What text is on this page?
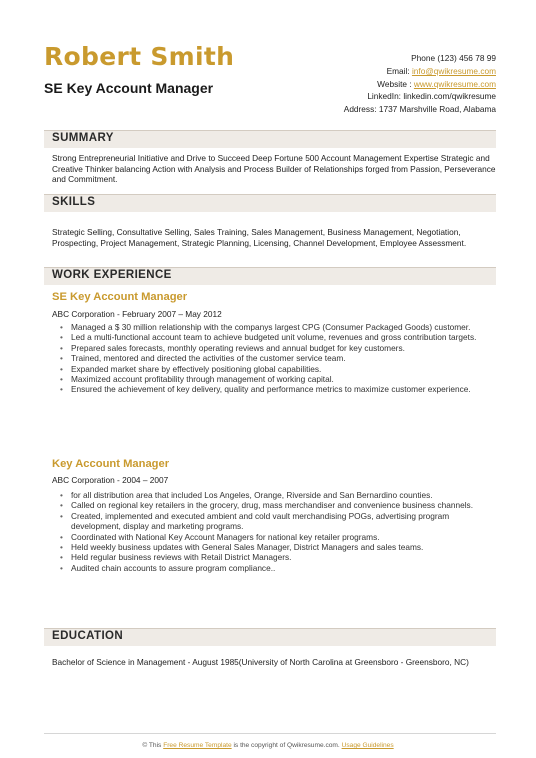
Robert Smith
SE Key Account Manager
Phone (123) 456 78 99
Email: info@qwikresume.com
Website : www.qwikresume.com
LinkedIn: linkedin.com/qwikresume
Address: 1737 Marshville Road, Alabama
SUMMARY
Strong Entrepreneurial Initiative and Drive to Succeed Deep Fortune 500 Account Management Expertise Strategic and Creative Thinker balancing Action with Analysis and Process Builder of Relationships forged from Passion, Perseverance and Commitment.
SKILLS
Strategic Selling, Consultative Selling, Sales Training, Sales Management, Business Management, Negotiation, Prospecting, Project Management, Strategic Planning, Licensing, Channel Development, Employee Assessment.
WORK EXPERIENCE
SE Key Account Manager
ABC Corporation - February 2007 – May 2012
• Managed a $ 30 million relationship with the companys largest CPG (Consumer Packaged Goods) customer.
• Led a multi-functional account team to achieve budgeted unit volume, revenues and gross contribution targets.
• Prepared sales forecasts, monthly operating reviews and annual budget for key customers.
• Trained, mentored and directed the activities of the customer service team.
• Expanded market share by effectively positioning global capabilities.
• Maximized account profitability through management of working capital.
• Ensured the achievement of key delivery, quality and performance metrics to maximize customer experience.
Key Account Manager
ABC Corporation - 2004 – 2007
• for all distribution area that included Los Angeles, Orange, Riverside and San Bernardino counties.
• Called on regional key retailers in the grocery, drug, mass merchandiser and convenience business channels.
• Created, implemented and executed ambient and cold vault merchandising POGs, advertising program development, display and marketing programs.
• Coordinated with National Key Account Managers for national key retailer programs.
• Held weekly business updates with General Sales Manager, District Managers and sales teams.
• Held regular business reviews with Retail District Managers.
• Audited chain accounts to assure program compliance..
EDUCATION
Bachelor of Science in Management - August 1985(University of North Carolina at Greensboro - Greensboro, NC)
© This Free Resume Template is the copyright of Qwikresume.com. Usage Guidelines
